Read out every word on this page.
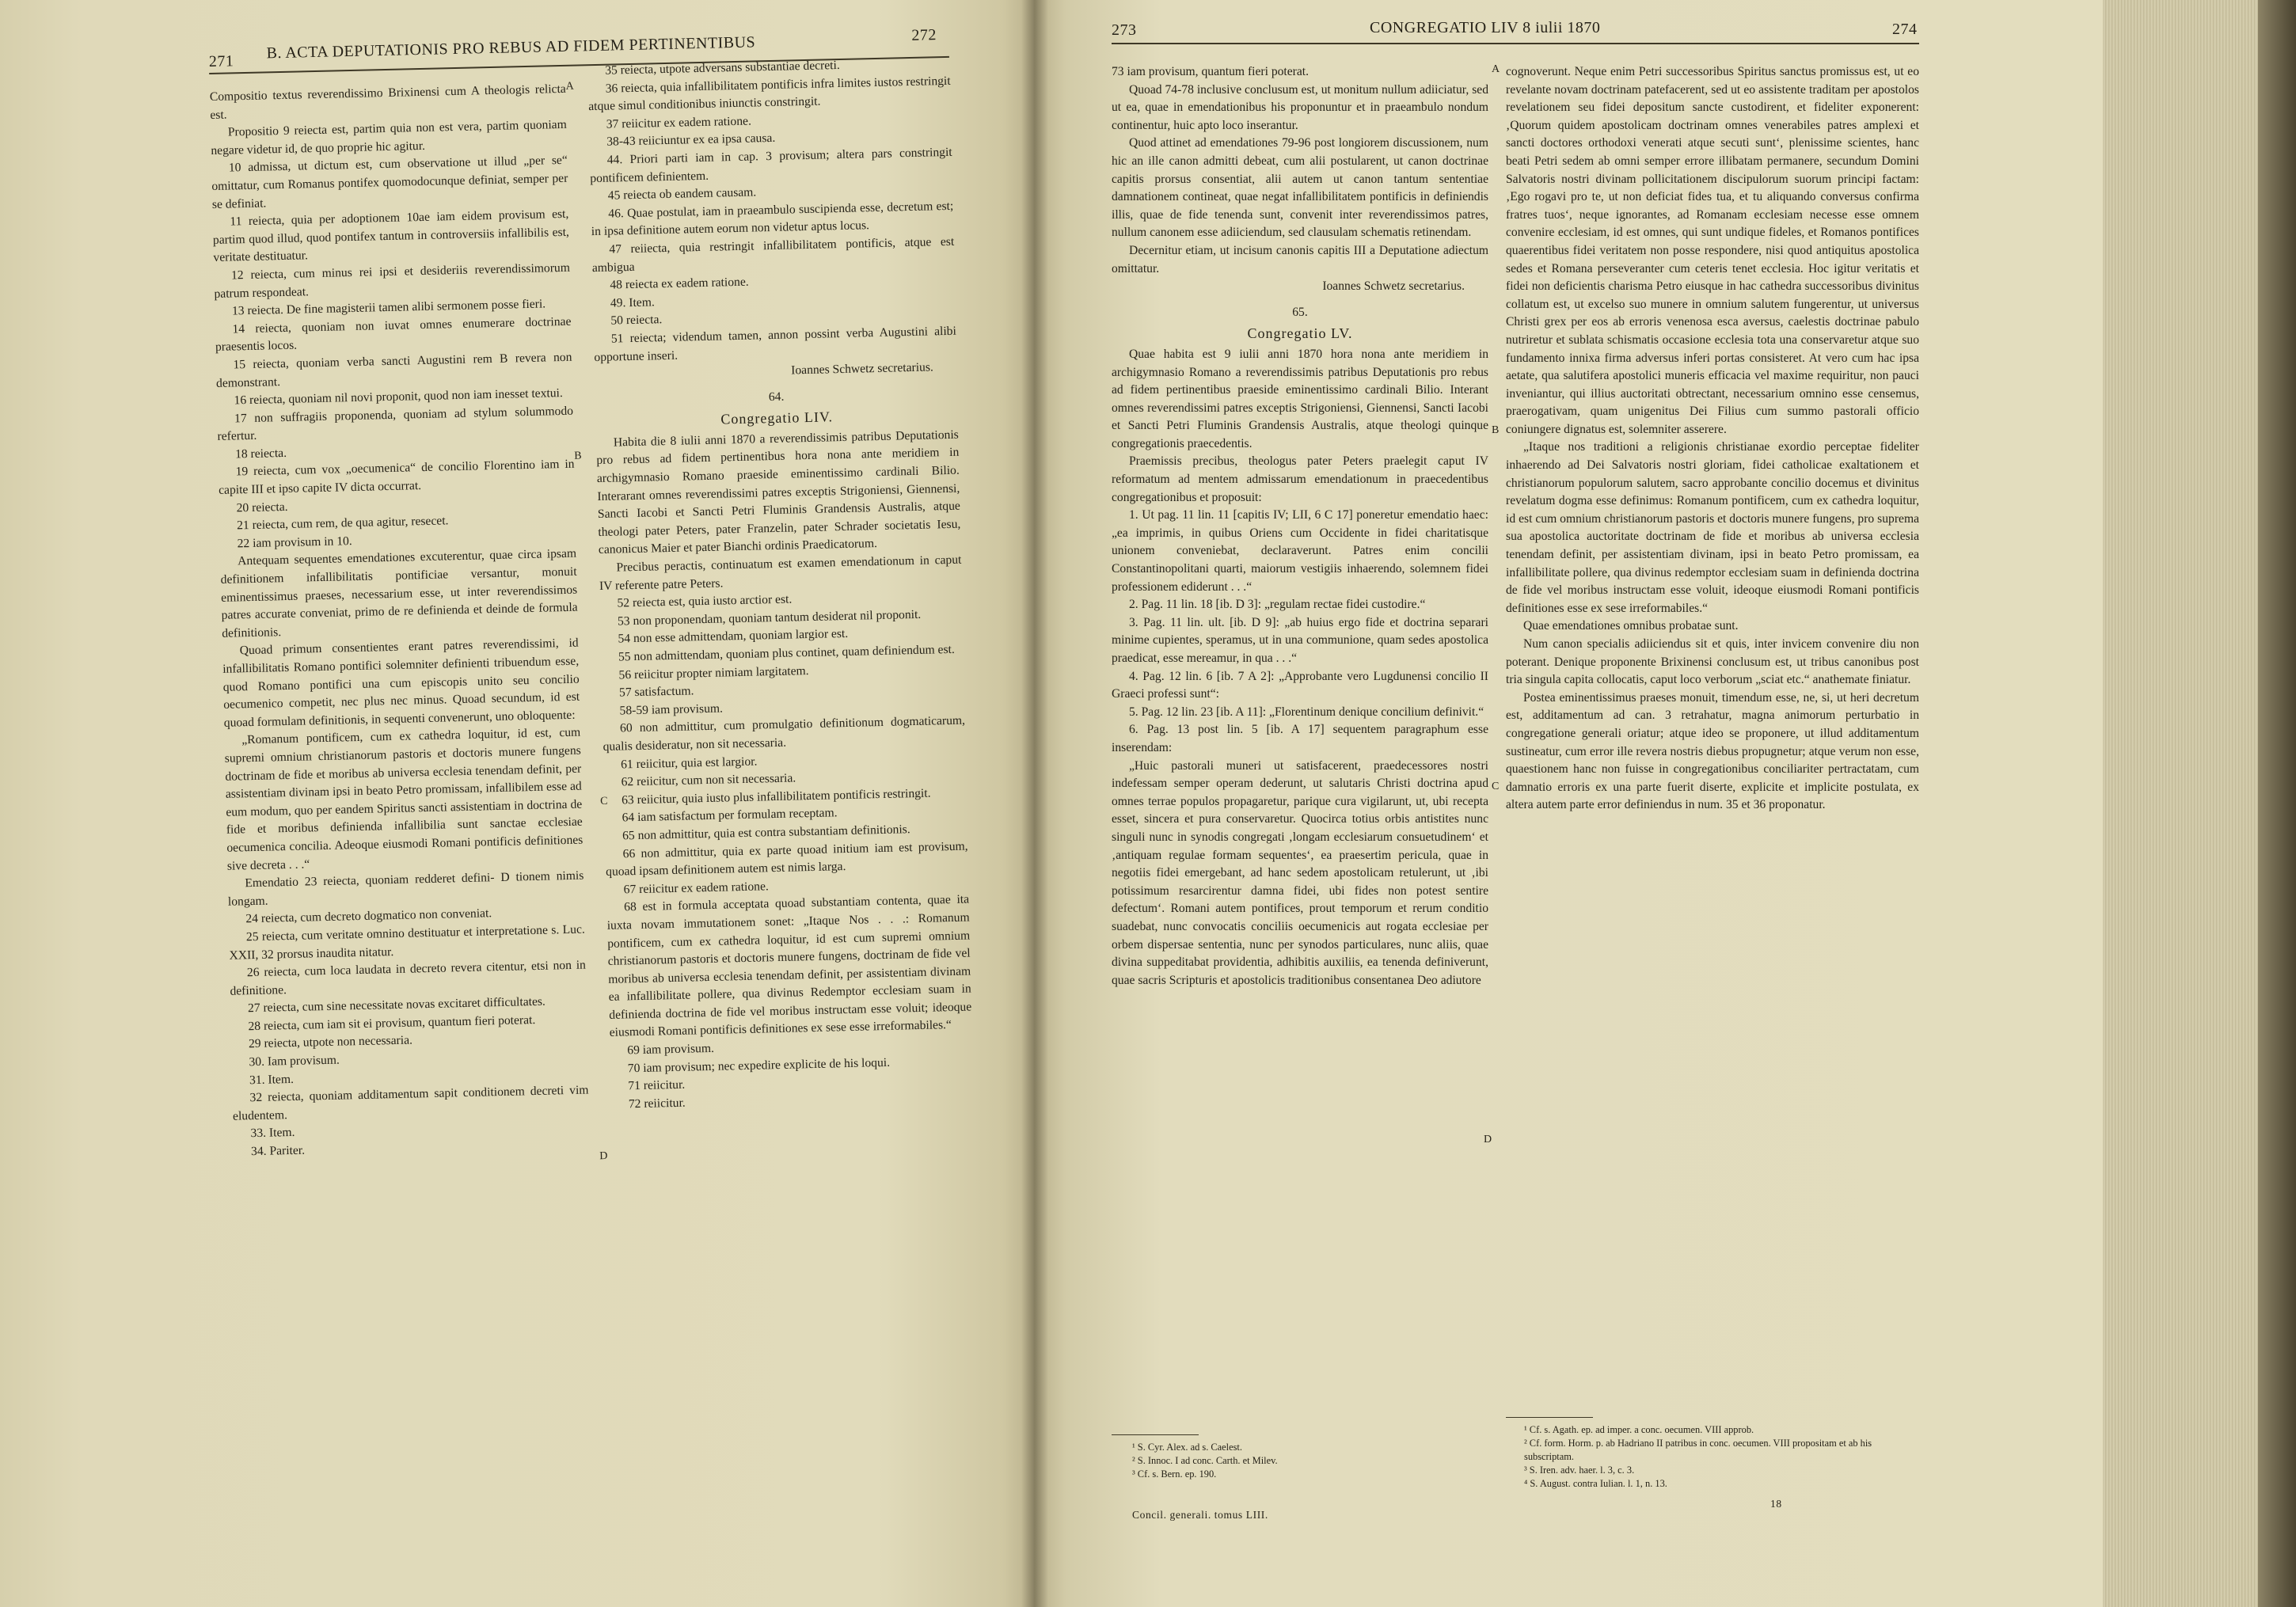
271 B. ACTA DEPUTATIONIS PRO REBUS AD FIDEM PERTINENTIBUS	272

Compositio textus reverendissimo Brixinensi cum A theologis relicta est.

Propositio 9 reiecta est, partim quia non est vera, partim quoniam negare videtur id, de quo proprie hic agitur.

10 admissa, ut dictum est, cum observatione ut illud „per se“ omittatur, cum Romanus pontifex quomodocunque definiat, semper per se definiat.

11 reiecta, quia per adoptionem 10ae iam eidem provisum est, partim quod illud, quod pontifex tantum in controversiis infallibilis est, veritate destituatur.

12 reiecta, cum minus rei ipsi et desideriis reverendissimorum patrum respondeat.

13 reiecta. De fine magisterii tamen alibi sermonem posse fieri.

14 reiecta, quoniam non iuvat omnes enumerare doctrinae praesentis locos.

15 reiecta, quoniam verba sancti Augustini rem B revera non demonstrant.

16 reiecta, quoniam nil novi proponit, quod non iam inesset textui.

17 non suffragiis proponenda, quoniam ad stylum solummodo refertur.

18 reiecta.

19 reiecta, cum vox „oecumenica“ de concilio Florentino iam in capite III et ipso capite IV dicta occurrat.

20 reiecta.

21 reiecta, cum rem, de qua agitur, resecet.

22 iam provisum in 10.

Antequam sequentes emendationes excuterentur, quae circa ipsam definitionem infallibilitatis pontificiae versantur, monuit eminentissimus praeses, necessarium esse, ut inter reverendissimos patres accurate conveniat, primo de re definienda et deinde de formula definitionis.

Quoad primum consentientes erant patres reverendissimi, id infallibilitatis Romano pontifici solemniter definienti tribuendum esse, quod Romano pontifici una cum episcopis unito seu concilio oecumenico competit, nec plus nec minus. Quoad secundum, id est quoad formulam definitionis, in sequenti convenerunt, uno obloquente:

„Romanum pontificem, cum ex cathedra loquitur, id est, cum supremi omnium christianorum pastoris et doctoris munere fungens doctrinam de fide et moribus ab universa ecclesia tenendam definit, per assistentiam divinam ipsi in beato Petro promissam, infallibilem esse ad eum modum, quo per eandem Spiritus sancti assistentiam in doctrina de fide et moribus definienda infallibilia sunt sanctae ecclesiae oecumenica concilia. Adeoque eiusmodi Romani pontificis definitiones sive decreta . . .“

Emendatio 23 reiecta, quoniam redderet defini- D tionem nimis longam.

24 reiecta, cum decreto dogmatico non conveniat.

25 reiecta, cum veritate omnino destituatur et interpretatione s. Luc. XXII, 32 prorsus inaudita nitatur.

26 reiecta, cum loca laudata in decreto revera citentur, etsi non in definitione.

27 reiecta, cum sine necessitate novas excitaret difficultates.

28 reiecta, cum iam sit ei provisum, quantum fieri poterat.

29 reiecta, utpote non necessaria.

30. Iam provisum.

31. Item.

32 reiecta, quoniam additamentum sapit conditionem decreti vim eludentem.

33. Item.

34. Pariter.

A
B
C
D

35 reiecta, utpote adversans substantiae decreti.

36 reiecta, quia infallibilitatem pontificis infra limites iustos restringit atque simul conditionibus iniunctis constringit.

37 reiicitur ex eadem ratione.

38-43 reiiciuntur ex ea ipsa causa.

44. Priori parti iam in cap. 3 provisum; altera pars constringit pontificem definientem.

45 reiecta ob eandem causam.

46. Quae postulat, iam in praeambulo suscipienda esse, decretum est; in ipsa definitione autem eorum non videtur aptus locus.

47 reiiecta, quia restringit infallibilitatem pontificis, atque est ambigua

48 reiecta ex eadem ratione.

49. Item.

50 reiecta.

51 reiecta; videndum tamen, annon possint verba Augustini alibi opportune inseri.

Ioannes Schwetz secretarius.

64.

Congregatio LIV.

Habita die 8 iulii anni 1870 a reverendissimis patribus Deputationis pro rebus ad fidem pertinentibus hora nona ante meridiem in archigymnasio Romano praeside eminentissimo cardinali Bilio. Interarant omnes reverendissimi patres exceptis Strigoniensi, Giennensi, Sancti Iacobi et Sancti Petri Fluminis Grandensis Australis, atque theologi pater Peters, pater Franzelin, pater Schrader societatis Iesu, canonicus Maier et pater Bianchi ordinis Praedicatorum.

Precibus peractis, continuatum est examen emendationum in caput IV referente patre Peters.

52 reiecta est, quia iusto arctior est.

53 non proponendam, quoniam tantum desiderat nil proponit.

54 non esse admittendam, quoniam largior est.

55 non admittendam, quoniam plus continet, quam definiendum est.

56 reiicitur propter nimiam largitatem.

57 satisfactum.

58-59 iam provisum.

60 non admittitur, cum promulgatio definitionum dogmaticarum, qualis desideratur, non sit necessaria.

61 reiicitur, quia est largior.

62 reiicitur, cum non sit necessaria.

63 reiicitur, quia iusto plus infallibilitatem pontificis restringit.

64 iam satisfactum per formulam receptam.

65 non admittitur, quia est contra substantiam definitionis.

66 non admittitur, quia ex parte quoad initium iam est provisum, quoad ipsam definitionem autem est nimis larga.

67 reiicitur ex eadem ratione.

68 est in formula acceptata quoad substantiam contenta, quae ita iuxta novam immutationem sonet: „Itaque Nos . . .: Romanum pontificem, cum ex cathedra loquitur, id est cum supremi omnium christianorum pastoris et doctoris munere fungens, doctrinam de fide vel moribus ab universa ecclesia tenendam definit, per assistentiam divinam ea infallibilitate pollere, qua divinus Redemptor ecclesiam suam in definienda doctrina de fide vel moribus instructam esse voluit; ideoque eiusmodi Romani pontificis definitiones ex sese esse irreformabiles.“

69 iam provisum.

70 iam provisum; nec expedire explicite de his loqui.

71 reiicitur.

72 reiicitur.

273	CONGREGATIO LIV 8 iulii 1870	274

73 iam provisum, quantum fieri poterat.

Quoad 74-78 inclusive conclusum est, ut monitum nullum adiiciatur, sed ut ea, quae in emendationibus his proponuntur et in praeambulo nondum continentur, huic apto loco inserantur.

Quod attinet ad emendationes 79-96 post longiorem discussionem, num hic an ille canon admitti debeat, cum alii postularent, ut canon doctrinae capitis prorsus consentiat, alii autem ut canon tantum sententiae damnationem contineat, quae negat infallibilitatem pontificis in definiendis illis, quae de fide tenenda sunt, convenit inter reverendissimos patres, nullum canonem esse adiiciendum, sed clausulam schematis retinendam.

Decernitur etiam, ut incisum canonis capitis III a Deputatione adiectum omittatur.

Ioannes Schwetz secretarius.

65.

Congregatio LV.

Quae habita est 9 iulii anni 1870 hora nona ante meridiem in archigymnasio Romano a reverendissimis patribus Deputationis pro rebus ad fidem pertinentibus praeside eminentissimo cardinali Bilio. Interant omnes reverendissimi patres exceptis Strigoniensi, Giennensi, Sancti Iacobi et Sancti Petri Fluminis Grandensis Australis, atque theologi quinque congregationis praecedentis.

Praemissis precibus, theologus pater Peters praelegit caput IV reformatum ad mentem admissarum emendationum in praecedentibus congregationibus et proposuit:

1. Ut pag. 11 lin. 11 [capitis IV; LII, 6 C 17] poneretur emendatio haec: „ea imprimis, in quibus Oriens cum Occidente in fidei charitatisque unionem conveniebat, declaraverunt. Patres enim concilii Constantinopolitani quarti, maiorum vestigiis inhaerendo, solemnem fidei professionem ediderunt . . .“

2. Pag. 11 lin. 18 [ib. D 3]: „regulam rectae fidei custodire.“

3. Pag. 11 lin. ult. [ib. D 9]: „ab huius ergo fide et doctrina separari minime cupientes, speramus, ut in una communione, quam sedes apostolica praedicat, esse mereamur, in qua . . .“

4. Pag. 12 lin. 6 [ib. 7 A 2]: „Approbante vero Lugdunensi concilio II Graeci professi sunt“:

5. Pag. 12 lin. 23 [ib. A 11]: „Florentinum denique concilium definivit.“

6. Pag. 13 post lin. 5 [ib. A 17] sequentem paragraphum esse inserendam:

„Huic pastorali muneri ut satisfacerent, praedecessores nostri indefessam semper operam dederunt, ut salutaris Christi doctrina apud omnes terrae populos propagaretur, parique cura vigilarunt, ut, ubi recepta esset, sincera et pura conservaretur. Quocirca totius orbis antistites nunc singuli nunc in synodis congregati ‚longam ecclesiarum consuetudinem‘ et ‚antiquam regulae formam sequentes‘, ea praesertim pericula, quae in negotiis fidei emergebant, ad hanc sedem apostolicam retulerunt, ut ‚ibi potissimum resarcirentur damna fidei, ubi fides non potest sentire defectum‘. Romani autem pontifices, prout temporum et rerum conditio suadebat, nunc convocatis conciliis oecumenicis aut rogata ecclesiae per orbem dispersae sententia, nunc per synodos particulares, nunc aliis, quae divina suppeditabat providentia, adhibitis auxiliis, ea tenenda definiverunt, quae sacris Scripturis et apostolicis traditionibus consentanea Deo adiutore

¹ S. Cyr. Alex. ad s. Caelest.
² S. Innoc. I ad conc. Carth. et Milev.
³ Cf. s. Bern. ep. 190.
Concil. generali. tomus LIII.
A
B
C
D

cognoverunt. Neque enim Petri successoribus Spiritus sanctus promissus est, ut eo revelante novam doctrinam patefacerent, sed ut eo assistente traditam per apostolos revelationem seu fidei depositum sancte custodirent, et fideliter exponerent: ‚Quorum quidem apostolicam doctrinam omnes venerabiles patres amplexi et sancti doctores orthodoxi venerati atque secuti sunt‘, plenissime scientes, hanc beati Petri sedem ab omni semper errore illibatam permanere, secundum Domini Salvatoris nostri divinam pollicitationem discipulorum suorum principi factam: ‚Ego rogavi pro te, ut non deficiat fides tua, et tu aliquando conversus confirma fratres tuos‘, neque ignorantes, ad Romanam ecclesiam necesse esse omnem convenire ecclesiam, id est omnes, qui sunt undique fideles, et Romanos pontifices quaerentibus fidei veritatem non posse respondere, nisi quod antiquitus apostolica sedes et Romana perseveranter cum ceteris tenet ecclesia. Hoc igitur veritatis et fidei non deficientis charisma Petro eiusque in hac cathedra successoribus divinitus collatum est, ut excelso suo munere in omnium salutem fungerentur, ut universus Christi grex per eos ab erroris venenosa esca aversus, caelestis doctrinae pabulo nutriretur et sublata schismatis occasione ecclesia tota una conservaretur atque suo fundamento innixa firma adversus inferi portas consisteret. At vero cum hac ipsa aetate, qua salutifera apostolici muneris efficacia vel maxime requiritur, non pauci inveniantur, qui illius auctoritati obtrectant, necessarium omnino esse censemus, praerogativam, quam unigenitus Dei Filius cum summo pastorali officio coniungere dignatus est, solemniter asserere.

„Itaque nos traditioni a religionis christianae exordio perceptae fideliter inhaerendo ad Dei Salvatoris nostri gloriam, fidei catholicae exaltationem et christianorum populorum salutem, sacro approbante concilio docemus et divinitus revelatum dogma esse definimus: Romanum pontificem, cum ex cathedra loquitur, id est cum omnium christianorum pastoris et doctoris munere fungens, pro suprema sua apostolica auctoritate doctrinam de fide et moribus ab universa ecclesia tenendam definit, per assistentiam divinam, ipsi in beato Petro promissam, ea infallibilitate pollere, qua divinus redemptor ecclesiam suam in definienda doctrina de fide vel moribus instructam esse voluit, ideoque eiusmodi Romani pontificis definitiones esse ex sese irreformabiles.“

Quae emendationes omnibus probatae sunt.

Num canon specialis adiiciendus sit et quis, inter invicem convenire diu non poterant. Denique proponente Brixinensi conclusum est, ut tribus canonibus post tria singula capita collocatis, caput loco verborum „sciat etc.“ anathemate finiatur.

Postea eminentissimus praeses monuit, timendum esse, ne, si, ut heri decretum est, additamentum ad can. 3 retrahatur, magna animorum perturbatio in congregatione generali oriatur; atque ideo se proponere, ut illud additamentum sustineatur, cum error ille revera nostris diebus propugnetur; atque verum non esse, quaestionem hanc non fuisse in congregationibus conciliariter pertractatam, cum damnatio erroris ex una parte fuerit diserte, explicite et implicite postulata, ex altera autem parte error definiendus in num. 35 et 36 proponatur.

¹ Cf. s. Agath. ep. ad imper. a conc. oecumen. VIII approb.
² Cf. form. Horm. p. ab Hadriano II patribus in conc. oecumen. VIII propositam et ab his subscriptam.
³ S. Iren. adv. haer. l. 3, c. 3.
⁴ S. August. contra Iulian. l. 1, n. 13.
18
